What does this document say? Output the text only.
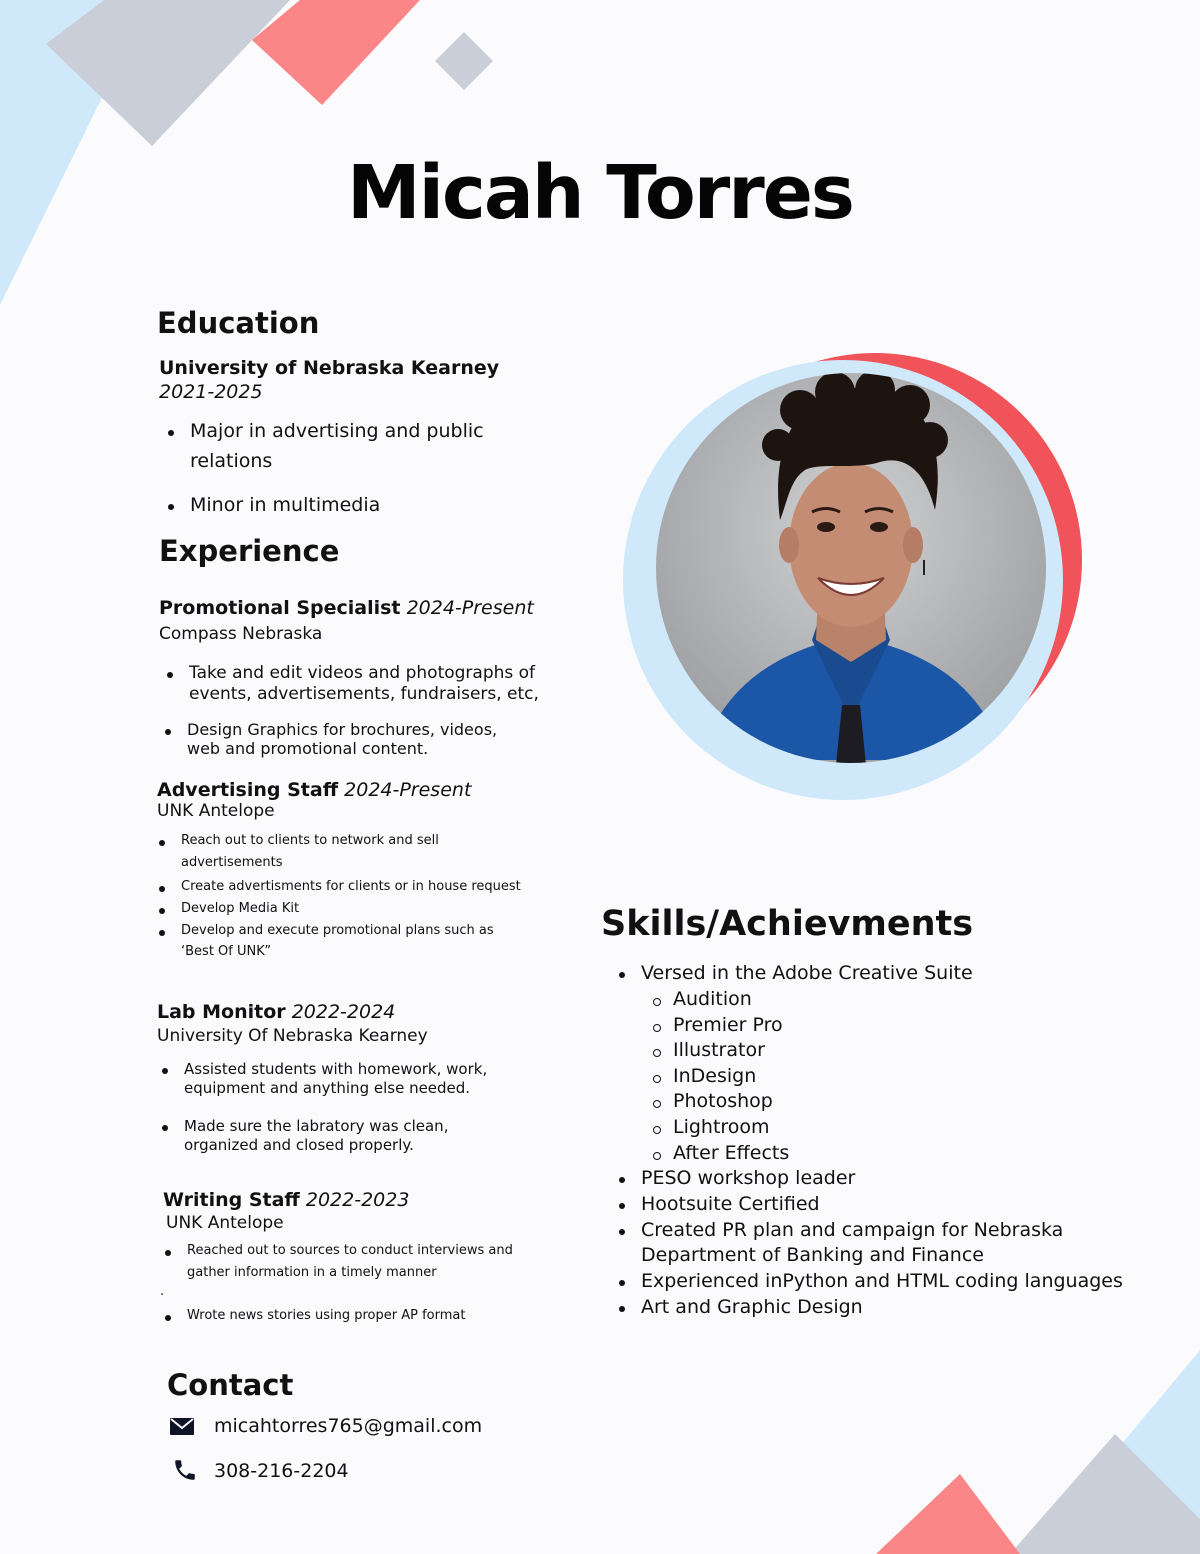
Micah Torres
Education
University of Nebraska Kearney
2021-2025
Major in advertising and public
relations
Minor in multimedia
Experience
Promotional Specialist 2024-Present
Compass Nebraska
Take and edit videos and photographs of
events, advertisements, fundraisers, etc,
Design Graphics for brochures, videos,
web and promotional content.
Advertising Staff 2024-Present
UNK Antelope
Reach out to clients to network and sell
advertisements
Create advertisments for clients or in house request
Develop Media Kit
Develop and execute promotional plans such as
‘Best Of UNK”
Lab Monitor 2022-2024
University Of Nebraska Kearney
Assisted students with homework, work,
equipment and anything else needed.
Made sure the labratory was clean,
organized and closed properly.
Writing Staff 2022-2023
UNK Antelope
Reached out to sources to conduct interviews and
gather information in a timely manner
.
Wrote news stories using proper AP format
Contact
micahtorres765@gmail.com
308-216-2204
Skills/Achievments
Versed in the Adobe Creative Suite
Audition
Premier Pro
Illustrator
InDesign
Photoshop
Lightroom
After Effects
PESO workshop leader
Hootsuite Certified
Created PR plan and campaign for Nebraska
Department of Banking and Finance
Experienced inPython and HTML coding languages
Art and Graphic Design
